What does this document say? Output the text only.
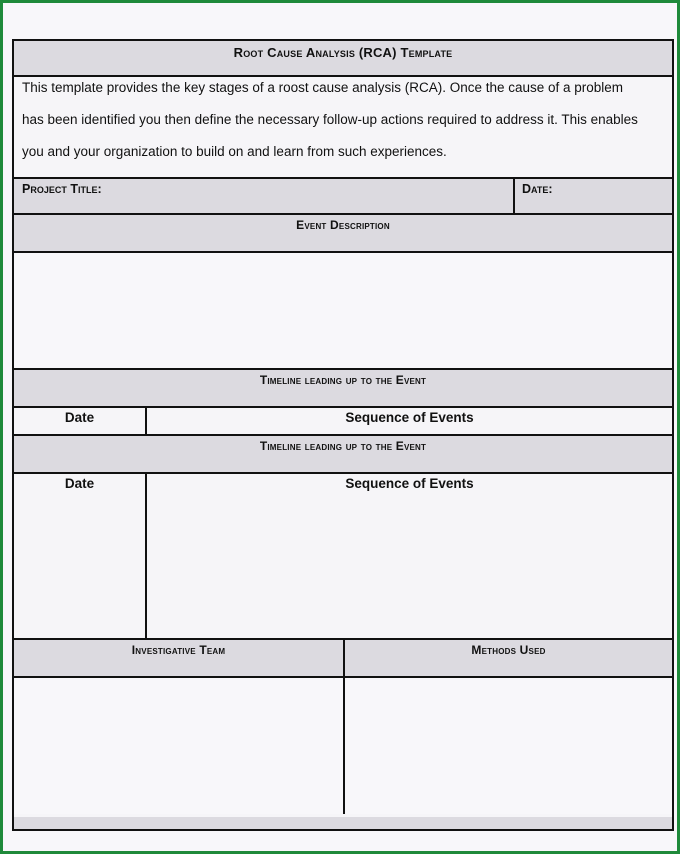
Root Cause Analysis (RCA) Template
This template provides the key stages of a roost cause analysis (RCA). Once the cause of a problem
has been identified you then define the necessary follow-up actions required to address it. This enables
you and your organization to build on and learn from such experiences.
Project Title:	Date:
Event Description
Timeline leading up to the Event
Date	Sequence of Events
Timeline leading up to the Event
Date	Sequence of Events
Investigative Team	Methods Used
